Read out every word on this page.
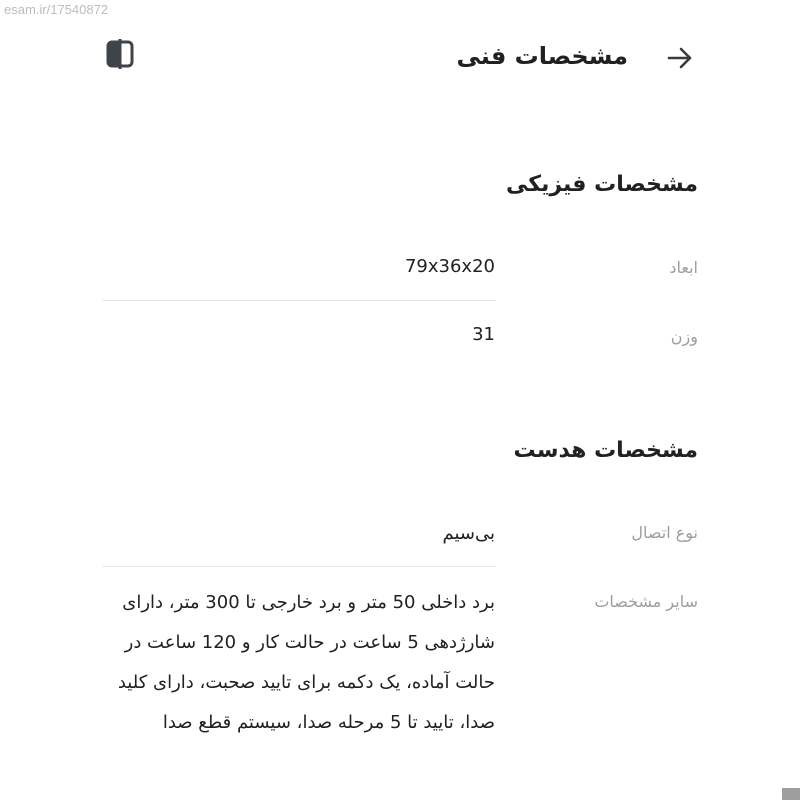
esam.ir/17540872
مشخصات فنی
مشخصات فیزیکی
ابعاد
79x36x20
وزن
31
مشخصات هدست
نوع اتصال
بی‌سیم
سایر مشخصات
برد داخلی 50 متر و برد خارجی تا 300 متر، دارای شارژدهی 5 ساعت در حالت کار و 120 ساعت در حالت آماده، یک دکمه برای تایید صحبت، دارای کلید صدا، تایید تا 5 مرحله صدا، سیستم قطع صدا
